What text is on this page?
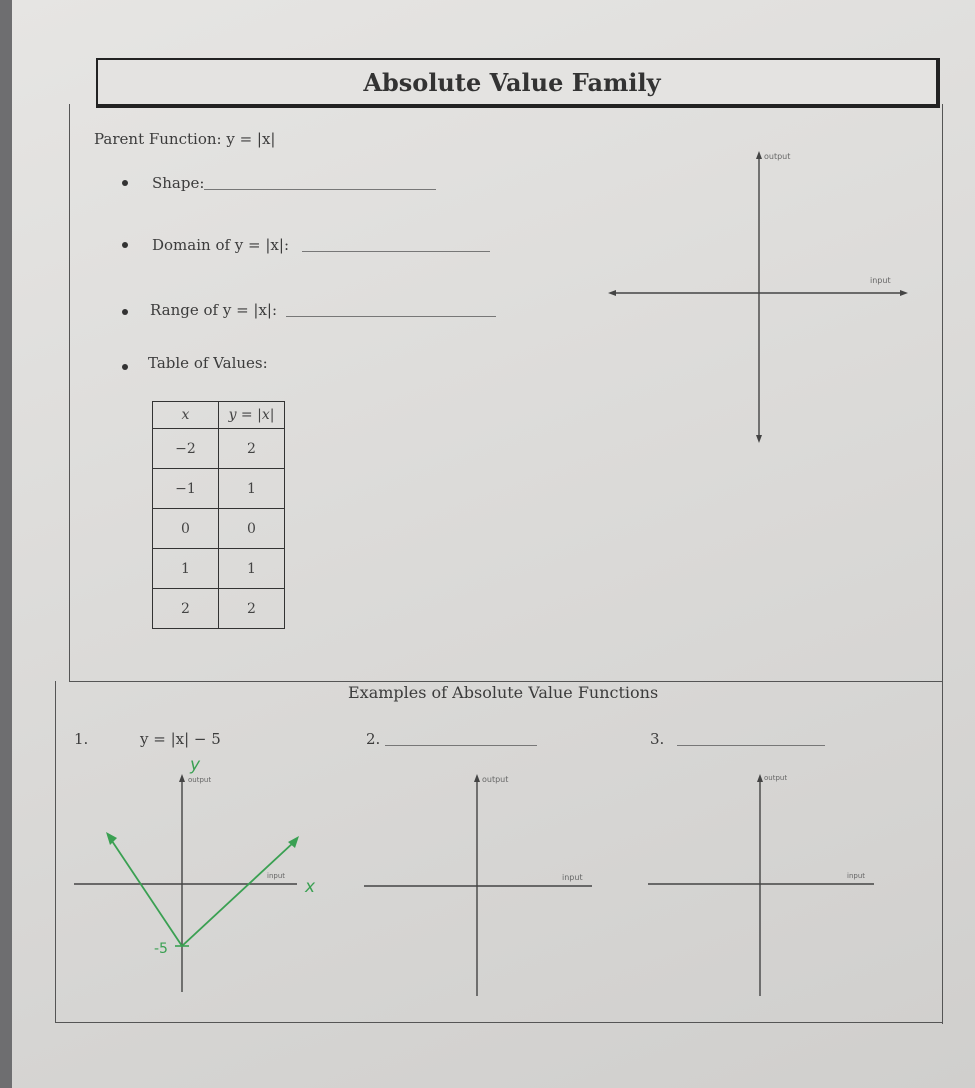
Absolute Value Family
Parent Function: y = |x|
Shape:
Domain of y = |x|:
Range of y = |x|:
Table of Values:
x	y = |x|
−2	2
−1	1
0	0
1	1
2	2
output
input
Examples of Absolute Value Functions
1.	y = |x| − 5	2.	3.
output
input
y
x
-5
output
input
output
input
